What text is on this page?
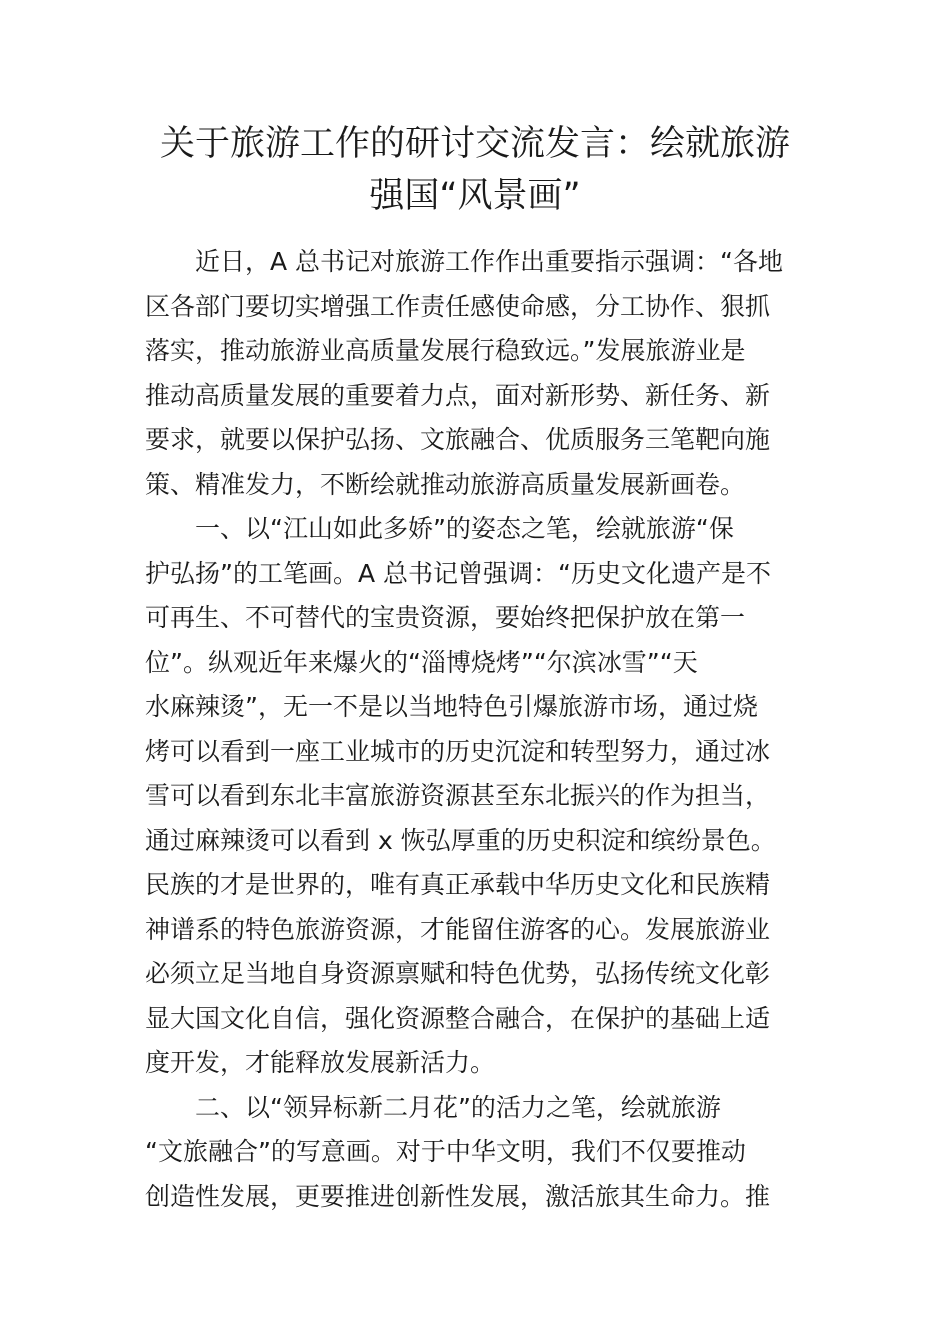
关于旅游工作的研讨交流发言：绘就旅游
强国“风景画”

近日，A 总书记对旅游工作作出重要指示强调：“各地
区各部门要切实增强工作责任感使命感，分工协作、狠抓
落实，推动旅游业高质量发展行稳致远。”发展旅游业是
推动高质量发展的重要着力点，面对新形势、新任务、新
要求，就要以保护弘扬、文旅融合、优质服务三笔靶向施
策、精准发力，不断绘就推动旅游高质量发展新画卷。

一、以“江山如此多娇”的姿态之笔，绘就旅游“保
护弘扬”的工笔画。A 总书记曾强调：“历史文化遗产是不
可再生、不可替代的宝贵资源，要始终把保护放在第一
位”。纵观近年来爆火的“淄博烧烤”“尔滨冰雪”“天
水麻辣烫”，无一不是以当地特色引爆旅游市场，通过烧
烤可以看到一座工业城市的历史沉淀和转型努力，通过冰
雪可以看到东北丰富旅游资源甚至东北振兴的作为担当，
通过麻辣烫可以看到 x 恢弘厚重的历史积淀和缤纷景色。
民族的才是世界的，唯有真正承载中华历史文化和民族精
神谱系的特色旅游资源，才能留住游客的心。发展旅游业
必须立足当地自身资源禀赋和特色优势，弘扬传统文化彰
显大国文化自信，强化资源整合融合，在保护的基础上适
度开发，才能释放发展新活力。

二、以“领异标新二月花”的活力之笔，绘就旅游
“文旅融合”的写意画。对于中华文明，我们不仅要推动
创造性发展，更要推进创新性发展，激活旅其生命力。推
